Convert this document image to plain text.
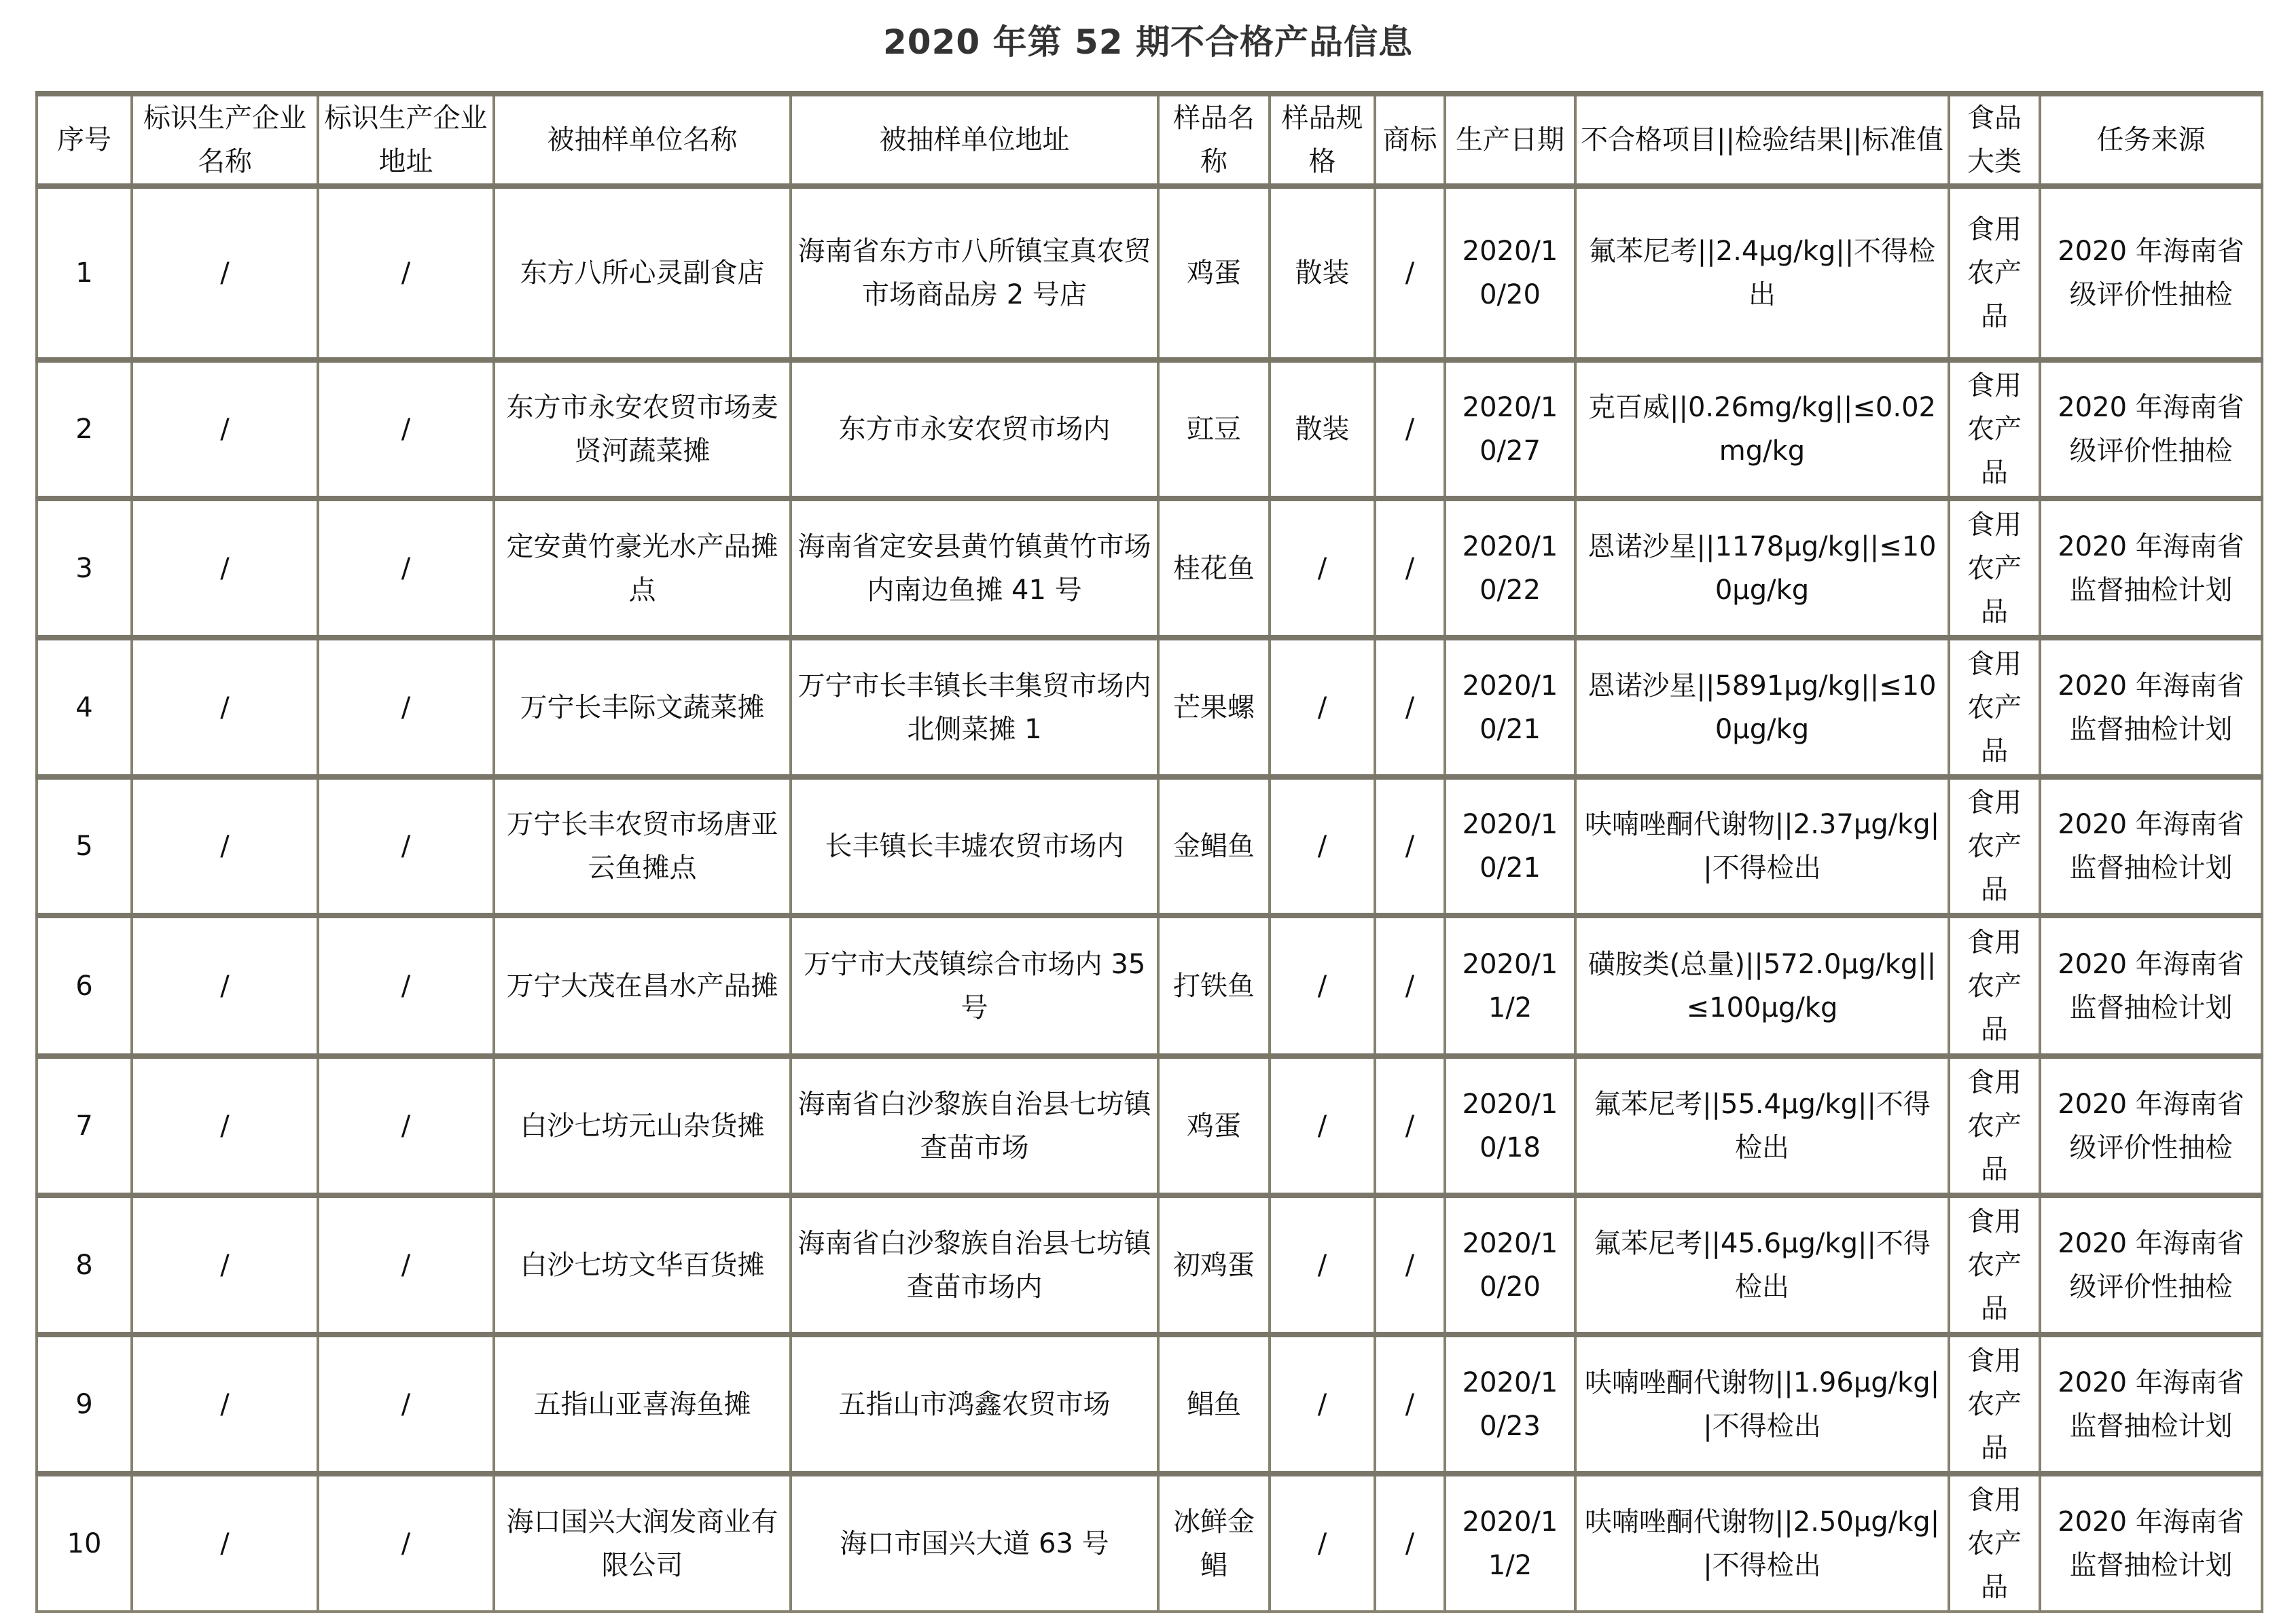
2020 年第 52 期不合格产品信息
序号	标识生产企业名称	标识生产企业地址	被抽样单位名称	被抽样单位地址	样品名称	样品规格	商标	生产日期	不合格项目||检验结果||标准值	食品大类	任务来源
1	/	/	东方八所心灵副食店	海南省东方市八所镇宝真农贸市场商品房 2 号店	鸡蛋	散装	/	2020/10/20	氟苯尼考||2.4μg/kg||不得检出	食用农产品	2020 年海南省级评价性抽检
2	/	/	东方市永安农贸市场麦贤河蔬菜摊	东方市永安农贸市场内	豇豆	散装	/	2020/10/27	克百威||0.26mg/kg||≤0.02mg/kg	食用农产品	2020 年海南省级评价性抽检
3	/	/	定安黄竹豪光水产品摊点	海南省定安县黄竹镇黄竹市场内南边鱼摊 41 号	桂花鱼	/	/	2020/10/22	恩诺沙星||1178μg/kg||≤100μg/kg	食用农产品	2020 年海南省监督抽检计划
4	/	/	万宁长丰际文蔬菜摊	万宁市长丰镇长丰集贸市场内北侧菜摊 1	芒果螺	/	/	2020/10/21	恩诺沙星||5891μg/kg||≤100μg/kg	食用农产品	2020 年海南省监督抽检计划
5	/	/	万宁长丰农贸市场唐亚云鱼摊点	长丰镇长丰墟农贸市场内	金鲳鱼	/	/	2020/10/21	呋喃唑酮代谢物||2.37μg/kg||不得检出	食用农产品	2020 年海南省监督抽检计划
6	/	/	万宁大茂在昌水产品摊	万宁市大茂镇综合市场内 35 号	打铁鱼	/	/	2020/11/2	磺胺类(总量)||572.0μg/kg||≤100μg/kg	食用农产品	2020 年海南省监督抽检计划
7	/	/	白沙七坊元山杂货摊	海南省白沙黎族自治县七坊镇查苗市场	鸡蛋	/	/	2020/10/18	氟苯尼考||55.4μg/kg||不得检出	食用农产品	2020 年海南省级评价性抽检
8	/	/	白沙七坊文华百货摊	海南省白沙黎族自治县七坊镇查苗市场内	初鸡蛋	/	/	2020/10/20	氟苯尼考||45.6μg/kg||不得检出	食用农产品	2020 年海南省级评价性抽检
9	/	/	五指山亚喜海鱼摊	五指山市鸿鑫农贸市场	鲳鱼	/	/	2020/10/23	呋喃唑酮代谢物||1.96μg/kg||不得检出	食用农产品	2020 年海南省监督抽检计划
10	/	/	海口国兴大润发商业有限公司	海口市国兴大道 63 号	冰鲜金鲳	/	/	2020/11/2	呋喃唑酮代谢物||2.50μg/kg||不得检出	食用农产品	2020 年海南省监督抽检计划
